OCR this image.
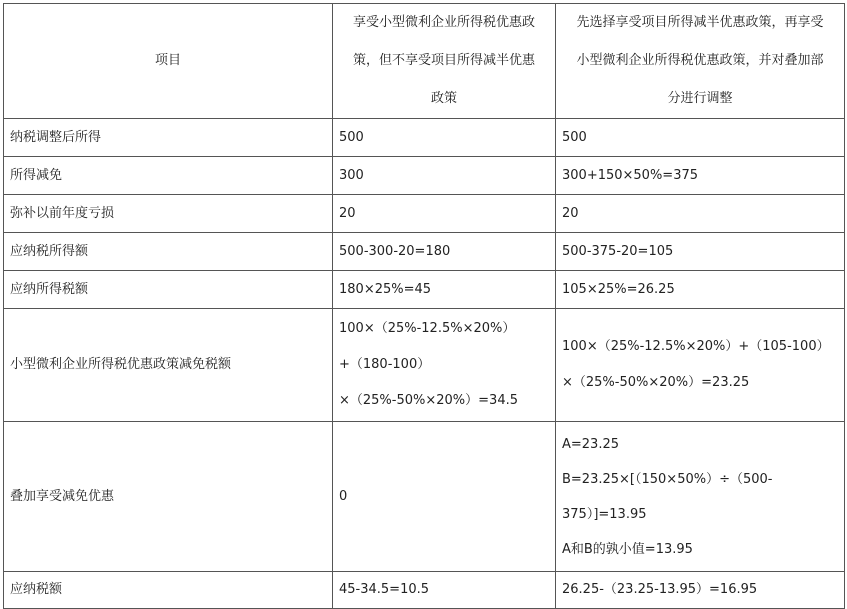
项目	享受小型微利企业所得税优惠政
策，但不享受项目所得减半优惠
政策	先选择享受项目所得减半优惠政策，再享受
小型微利企业所得税优惠政策，并对叠加部
分进行调整

纳税调整后所得	500	500
所得减免	300	300+150×50%=375
弥补以前年度亏损	20	20
应纳税所得额	500-300-20=180	500-375-20=105
应纳所得税额	180×25%=45	105×25%=26.25
小型微利企业所得税优惠政策减免税额	100×（25%-12.5%×20%）
+（180-100）
×（25%-50%×20%）=34.5	100×（25%-12.5%×20%）+（105-100）
×（25%-50%×20%）=23.25

叠加享受减免优惠	0	A=23.25
B=23.25×[（150×50%）÷（500-
375）]=13.95
A和B的孰小值=13.95

应纳税额	45-34.5=10.5	26.25-（23.25-13.95）=16.95
